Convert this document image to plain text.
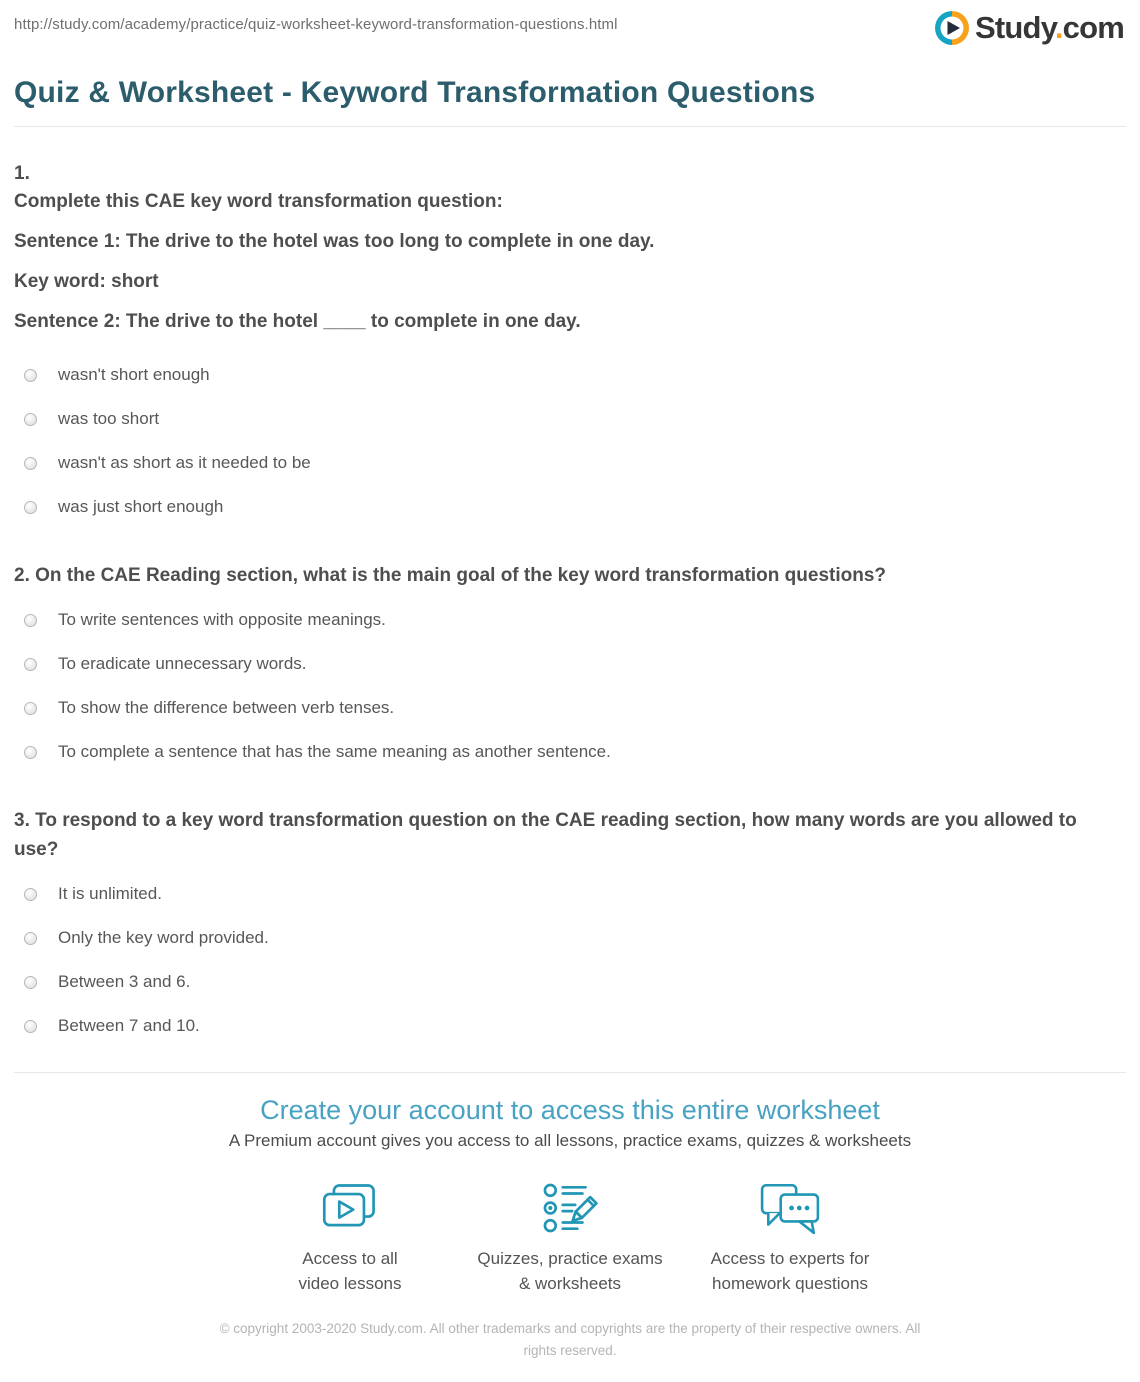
http://study.com/academy/practice/quiz-worksheet-keyword-transformation-questions.html	Study.com
Quiz & Worksheet - Keyword Transformation Questions
1.
Complete this CAE key word transformation question:
Sentence 1: The drive to the hotel was too long to complete in one day.
Key word: short
Sentence 2: The drive to the hotel ____ to complete in one day.
wasn't short enough
was too short
wasn't as short as it needed to be
was just short enough
2. On the CAE Reading section, what is the main goal of the key word transformation questions?
To write sentences with opposite meanings.
To eradicate unnecessary words.
To show the difference between verb tenses.
To complete a sentence that has the same meaning as another sentence.
3. To respond to a key word transformation question on the CAE reading section, how many words are you allowed to use?
It is unlimited.
Only the key word provided.
Between 3 and 6.
Between 7 and 10.
Create your account to access this entire worksheet
A Premium account gives you access to all lessons, practice exams, quizzes & worksheets
Access to all
video lessons
Quizzes, practice exams
& worksheets
Access to experts for
homework questions
© copyright 2003-2020 Study.com. All other trademarks and copyrights are the property of their respective owners. All rights reserved.
